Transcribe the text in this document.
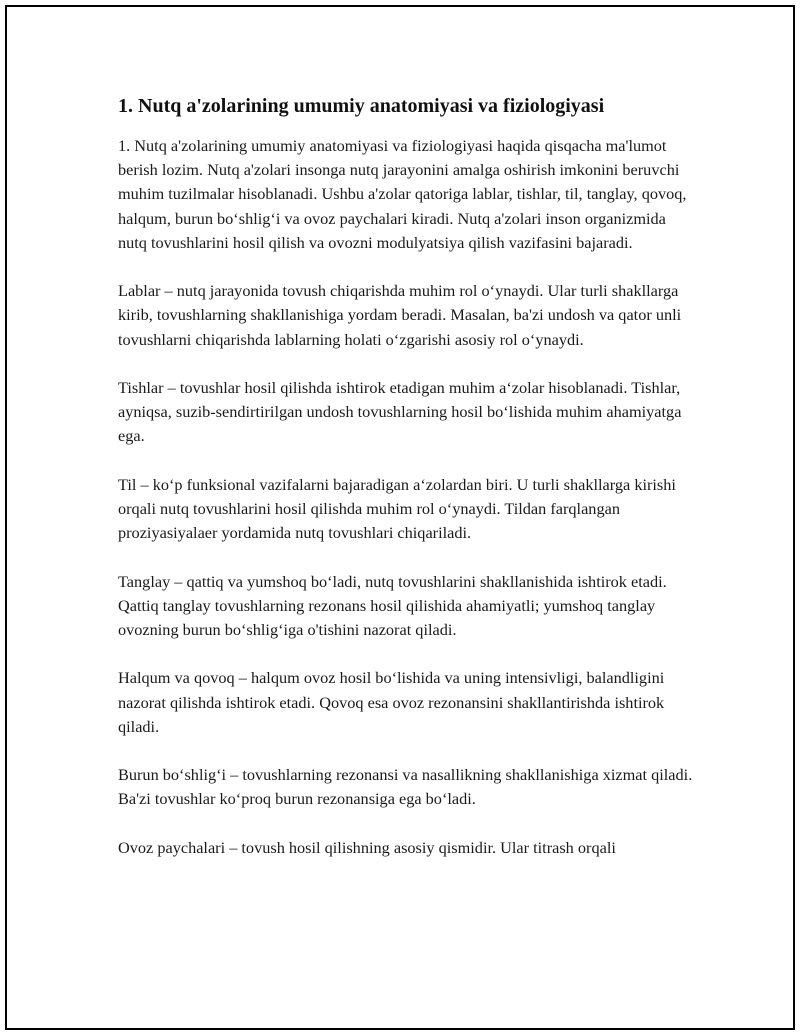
1. Nutq a'zolarining umumiy anatomiyasi va fiziologiyasi

1. Nutq a'zolarining umumiy anatomiyasi va fiziologiyasi haqida qisqacha ma'lumot berish lozim. Nutq a'zolari insonga nutq jarayonini amalga oshirish imkonini beruvchi muhim tuzilmalar hisoblanadi. Ushbu a'zolar qatoriga lablar, tishlar, til, tanglay, qovoq, halqum, burun bo‘shlig‘i va ovoz paychalari kiradi. Nutq a'zolari inson organizmida nutq tovushlarini hosil qilish va ovozni modulyatsiya qilish vazifasini bajaradi.

Lablar – nutq jarayonida tovush chiqarishda muhim rol o‘ynaydi. Ular turli shakllarga kirib, tovushlarning shakllanishiga yordam beradi. Masalan, ba'zi undosh va qator unli tovushlarni chiqarishda lablarning holati o‘zgarishi asosiy rol o‘ynaydi.

Tishlar – tovushlar hosil qilishda ishtirok etadigan muhim a‘zolar hisoblanadi. Tishlar, ayniqsa, suzib-sendirtirilgan undosh tovushlarning hosil bo‘lishida muhim ahamiyatga ega.

Til – ko‘p funksional vazifalarni bajaradigan a‘zolardan biri. U turli shakllarga kirishi orqali nutq tovushlarini hosil qilishda muhim rol o‘ynaydi. Tildan farqlangan proziyasiyalaer yordamida nutq tovushlari chiqariladi.

Tanglay – qattiq va yumshoq bo‘ladi, nutq tovushlarini shakllanishida ishtirok etadi. Qattiq tanglay tovushlarning rezonans hosil qilishida ahamiyatli; yumshoq tanglay ovozning burun bo‘shlig‘iga o'tishini nazorat qiladi.

Halqum va qovoq – halqum ovoz hosil bo‘lishida va uning intensivligi, balandligini nazorat qilishda ishtirok etadi. Qovoq esa ovoz rezonansini shakllantirishda ishtirok qiladi.

Burun bo‘shlig‘i – tovushlarning rezonansi va nasallikning shakllanishiga xizmat qiladi. Ba'zi tovushlar ko‘proq burun rezonansiga ega bo‘ladi.

Ovoz paychalari – tovush hosil qilishning asosiy qismidir. Ular titrash orqali
